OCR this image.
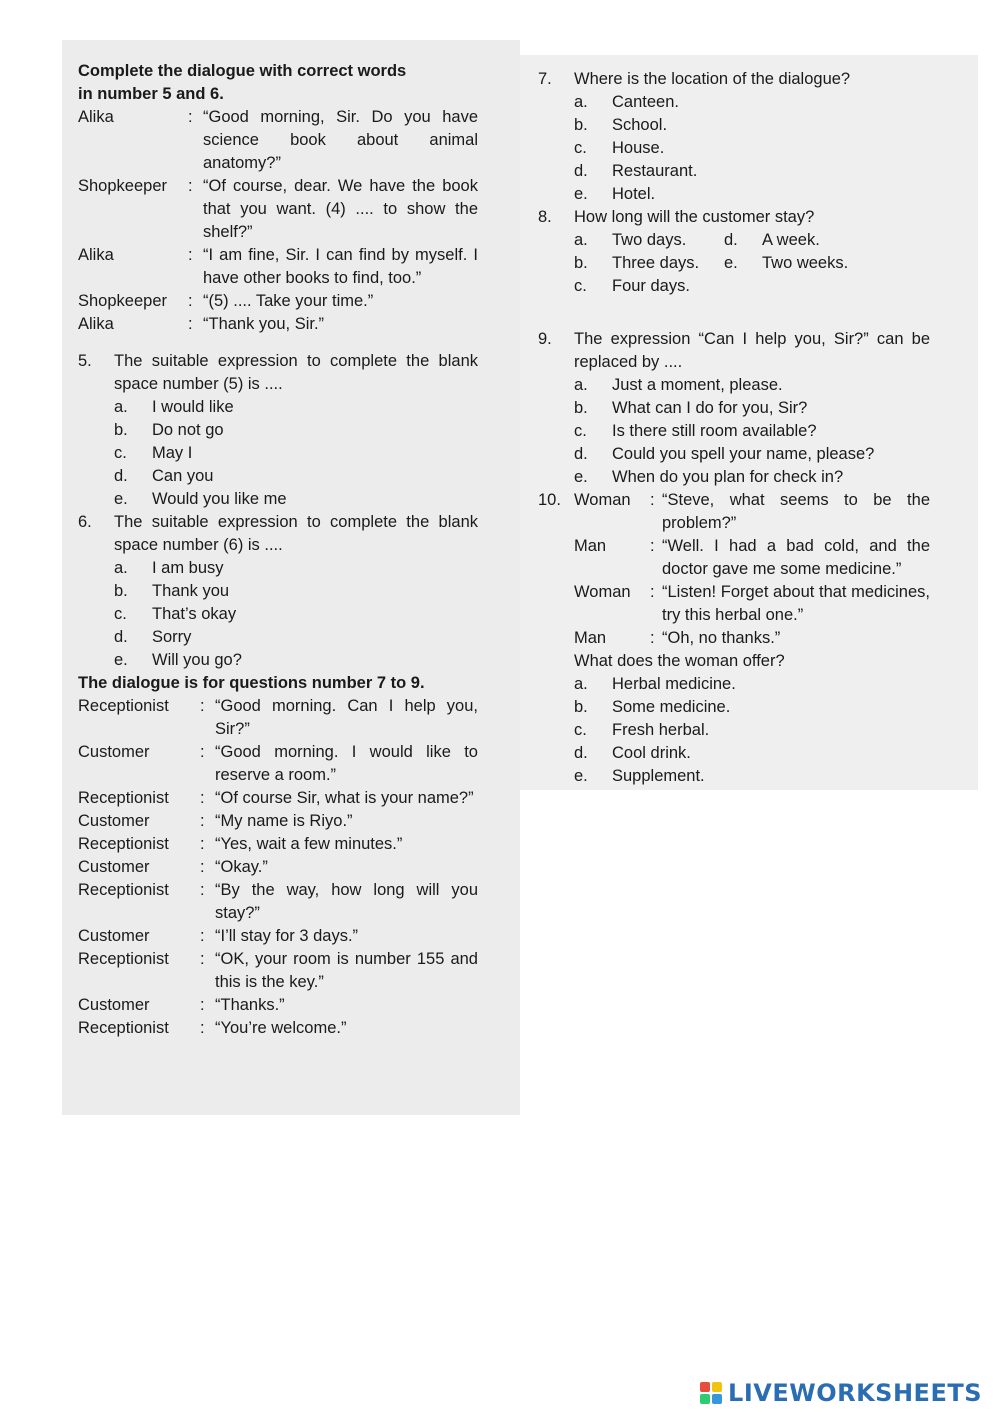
Complete the dialogue with correct words
in number 5 and 6.
Alika	: “Good morning, Sir. Do you have science book about animal anatomy?”
Shopkeeper	: “Of course, dear. We have the book that you want. (4) .... to show the shelf?”
Alika	: “I am fine, Sir. I can find by myself. I have other books to find, too.”
Shopkeeper	: “(5) .... Take your time.”
Alika	: “Thank you, Sir.”
5.	The suitable expression to complete the blank space number (5) is ....
a.	I would like
b.	Do not go
c.	May I
d.	Can you
e.	Would you like me
6.	The suitable expression to complete the blank space number (6) is ....
a.	I am busy
b.	Thank you
c.	That’s okay
d.	Sorry
e.	Will you go?
The dialogue is for questions number 7 to 9.
Receptionist	: “Good morning. Can I help you, Sir?”
Customer	: “Good morning. I would like to reserve a room.”
Receptionist	: “Of course Sir, what is your name?”
Customer	: “My name is Riyo.”
Receptionist	: “Yes, wait a few minutes.”
Customer	: “Okay.”
Receptionist	: “By the way, how long will you stay?”
Customer	: “I’ll stay for 3 days.”
Receptionist	: “OK, your room is number 155 and this is the key.”
Customer	: “Thanks.”
Receptionist	: “You’re welcome.”
7.	Where is the location of the dialogue?
a.	Canteen.
b.	School.
c.	House.
d.	Restaurant.
e.	Hotel.
8.	How long will the customer stay?
a.	Two days. d.	A week.
b.	Three days. e.	Two weeks.
c.	Four days.
9.	The expression “Can I help you, Sir?” can be replaced by ....
a.	Just a moment, please.
b.	What can I do for you, Sir?
c.	Is there still room available?
d.	Could you spell your name, please?
e.	When do you plan for check in?
10. Woman	: “Steve, what seems to be the problem?”
Man	: “Well. I had a bad cold, and the doctor gave me some medicine.”
Woman	: “Listen! Forget about that medicines, try this herbal one.”
Man	: “Oh, no thanks.”
What does the woman offer?
a.	Herbal medicine.
b.	Some medicine.
c.	Fresh herbal.
d.	Cool drink.
e.	Supplement.
LIVEWORKSHEETS
